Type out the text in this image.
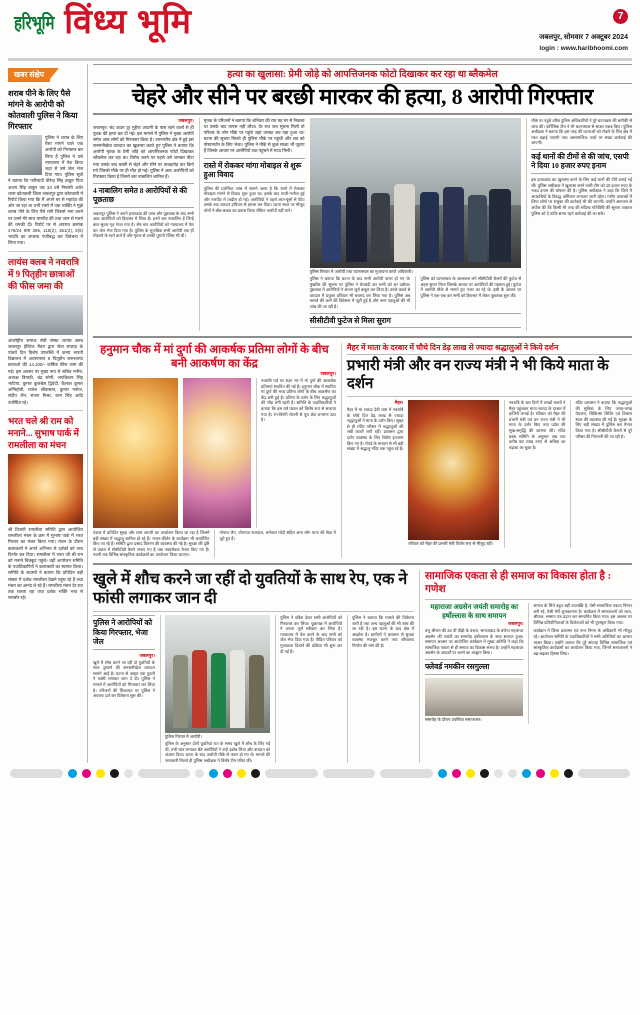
हरिभूमि विंध्य भूमि	7
जबलपुर, सोमवार 7 अक्टूबर 2024
login : www.haribhoomi.com
खबर संक्षेप
शराब पीने के लिए पैसे मांगने के आरोपी को कोतवाली पुलिस ने किया गिरफ्तार
पुलिस ने शराब के लिए पैसा मांगने वाले एक आरोपी को गिरफ्तार कर लिया है पुलिस ने उसे न्यायालय में पेश किया जहां से उसे जेल भेज दिया गया। पुलिस सूत्रों ने बताया कि फरियादी वीरेन्द्र सिंह ठाकुर पिता अजय सिंह ठाकुर उम्र 33 वर्ष निवासी अधेर थाना कोतवाली जिला जबलपुर द्वारा कोतवाली में रिपोर्ट किया गया कि मैं अपने घर से महादेव की ओर जा रहा था तभी रास्ते में एक व्यक्ति ने मुझे शराब पीने के लिए पैसे मांगे जिससे मना करने पर उसने मेरे साथ मारपीट की तथा जान से मारने की धमकी दी। रिपोर्ट पर से अपराध क्रमांक 478/24 धारा 296, 115(2), 351(2), 3(5) भादवि का अपराध पंजीबद्ध कर विवेचना में लिया गया।
लायंस क्लब ने नवरात्रि में 9 पितृहीन छात्राओं की फीस जमा की
अंतर्राष्ट्रीय समाज सेवी संस्था लायंस क्लब जबलपुर हेरिटेज मैडम द्वारा सेवा सप्ताह के पांचवें दिन विशेष उपलब्धि में कन्या भारती विद्यालय में अध्ययनरत 9 पितृहीन जरूरतमंद छात्राओं की 14,100/- वार्षिक फीस जमा की गई। इस अवसर पर मुख्य रूप से सचिव मनीष, अध्यक्ष त्रिपाठी, चंद्र सोनी, जयकिशन सिंह भाटिया, कुमार कुलश्रेष्ठ द्विवेदी, कैलाश कुमार अग्निहोत्री, राजेश श्रीवास्तव, कुमार मनोज, संदीप जैन, संजय मिश्रा, रतन सिंह आदि उपस्थित रहे।
भरत चले श्री राम को मनाने... सुभाष पार्क में रामलीला का मंचन
श्री विजयी रामलीला समिति द्वारा आयोजित रामलीला मंचन के क्रम में सुभाष पार्क में भरत मिलाप का मंचन किया गया। मंचन के दौरान कलाकारों ने अपने अभिनय से दर्शकों को भाव विभोर कर दिया। रामलीला में भरत जी श्री राम को मनाने चित्रकूट पहुंचे। वहीं आयोजन समिति के पदाधिकारियों ने कलाकारों का स्वागत किया। समिति के सदस्यों ने बताया कि प्रतिदिन बड़ी संख्या में दर्शक रामलीला देखने पहुंच रहे हैं तथा मंचन का आनंद ले रहे हैं। रामलीला मंचन देर रात तक चलता रहा तथा दर्शक भक्ति भाव से सराबोर रहे।
हत्या का खुलासा: प्रेमी जोड़े को आपत्तिजनक फोटो दिखाकर कर रहा था ब्लैकमेल
चेहरे और सीने पर बरछी मारकर की हत्या, 8 आरोपी गिरफ्तार
जबलपुर।
जबलपुर। चंद कदम दूर मुहैया आदमी के पास रहने वालों से ही युवक की हत्या कर दी गई। इस मामले में पुलिस ने मुख्य आरोपी समेत आठ लोगों को गिरफ्तार किया है। उपनगरीय क्षेत्र में हुई इस सनसनीखेज वारदात का खुलासा करते हुए पुलिस ने बताया कि आरोपी मृतक के प्रेमी जोड़े को आपत्तिजनक फोटो दिखाकर ब्लैकमेल कर रहा था। विरोध करने पर पहले उसे जमकर पीटा गया उसके बाद बरछी से चेहरे और सीने पर ताबड़तोड़ वार किये गये जिससे मौके पर ही मौत हो गई। पुलिस ने आठ आरोपियों को गिरफ्तार किया है जिनमें चार नाबालिग शामिल हैं।
4 नाबालिग समेत 8 आरोपियों से की पूछताछ
जबलपुर पुलिस ने अपने हत्याकांड की जांच और पूछताछ के बाद सभी आठ आरोपियों को हिरासत में लिया है। इनमें चार नाबालिग हैं जिन्हें बाल सुधार गृह भेजा गया है। शेष चार आरोपियों को न्यायालय में पेश कर जेल भेज दिया गया है। पुलिस के मुताबिक सभी आरोपी एक ही मोहल्ले के रहने वाले हैं और मृतक से उनकी पुरानी रंजिश भी थी।
मृतक के परिजनों ने बताया कि शनिवार की रात वह घर से निकला था उसके बाद वापस नहीं लौटा। देर रात जब सूचना मिली तो परिवार के लोग मौके पर पहुंचे जहां उसका शव पड़ा हुआ था। घटना की सूचना मिलते ही पुलिस मौके पर पहुंची और शव को पोस्टमार्टम के लिए भेजा। पुलिस ने मौके से कुछ साक्ष्य भी जुटाए हैं जिनके आधार पर आरोपियों तक पहुंचने में मदद मिली।
रास्ते में रोककर मांगा मोबाइल से शुरू हुआ विवाद
पुलिस की प्रारंभिक जांच में सामने आया है कि रास्ते में रोककर मोबाइल मांगने से विवाद शुरू हुआ था। इसके बाद गाली-गलौज हुई और मारपीट में तब्दील हो गई। आरोपियों ने पहले लात-घूंसों से पीटा उसके बाद धारदार हथियार से हमला कर दिया। घटना स्थल पर मौजूद लोगों ने बीच-बचाव का प्रयास किया लेकिन आरोपी नहीं माने।
पुलिस गिरफ्त में आरोपी तथा घटनास्थल का मुआयना करते अधिकारी।
पुलिस ने बताया कि घटना के बाद सभी आरोपी फरार हो गए थे। मुखबिर की सूचना पर पुलिस ने घेराबंदी कर सभी को धर दबोचा। पूछताछ में आरोपियों ने अपना जुर्म कबूल कर लिया है। उनके कब्जे से वारदात में प्रयुक्त हथियार भी बरामद कर लिया गया है। पुलिस अब मामले की आगे की विवेचना में जुटी हुई है और अन्य पहलुओं की भी जांच की जा रही है।
पुलिस को घटनास्थल के आसपास लगे सीसीटीवी कैमरों की फुटेज से अहम सुराग मिला जिसके आधार पर आरोपियों की पहचान हुई। फुटेज में आरोपी मौके से भागते हुए नजर आ रहे थे। इसी के आधार पर पुलिस ने एक-एक कर सभी को हिरासत में लेकर पूछताछ शुरू की।
सीसीटीवी फुटेज से मिला सुराग
मौके पर पहुंचे वरिष्ठ पुलिस अधिकारियों ने पूरे घटनाक्रम की बारीकी से जांच की। फॉरेंसिक टीम ने भी घटनास्थल से साक्ष्य एकत्र किए। पुलिस अधीक्षक ने बताया कि इस तरह की घटनाओं को रोकने के लिए क्षेत्र में गश्त बढ़ाई जाएगी तथा असामाजिक तत्वों पर सख्त कार्रवाई की जाएगी।
कई थानों की टीमों से की जांच, एसपी ने दिया 10 हजार रुपए इनाम
इस हत्याकांड का खुलासा करने के लिए कई थानों की टीमें बनाई गईं थीं। पुलिस अधीक्षक ने खुलासा करने वाली टीम को 10 हजार रुपए के नकद इनाम की घोषणा की है। पुलिस अधीक्षक ने कहा कि जिले में अपराधियों के विरुद्ध अभियान लगातार जारी रहेगा। गंभीर अपराधों में लिप्त लोगों पर रासुका की कार्रवाई भी की जाएगी। उन्होंने आमजन से अपील की कि किसी भी तरह की संदिग्ध गतिविधि की सूचना तत्काल पुलिस को दें ताकि समय रहते कार्रवाई की जा सके।
हनुमान चौक में मां दुर्गा की आकर्षक प्रतिमा लोगों के बीच बनी आकर्षण का केंद्र
जबलपुर।
नवरात्रि पर्व पर शहर भर में मां दुर्गा की आकर्षक प्रतिमाएं स्थापित की गई हैं। हनुमान चौक में स्थापित मां दुर्गा की भव्य प्रतिमा लोगों के बीच आकर्षण का केंद्र बनी हुई है। प्रतिमा के दर्शन के लिए श्रद्धालुओं की भीड़ लगी रहती है। समिति के पदाधिकारियों ने बताया कि इस वर्ष पंडाल को विशेष रूप से सजाया गया है। रंग-बिरंगी रोशनी से पूरा क्षेत्र जगमगा उठा है।
पंडाल में प्रतिदिन सुबह और शाम आरती का आयोजन किया जा रहा है जिसमें बड़ी संख्या में श्रद्धालु शामिल हो रहे हैं। भजन-कीर्तन के कार्यक्रम भी आयोजित किए जा रहे हैं। समिति द्वारा प्रसाद वितरण की व्यवस्था की गई है। सुरक्षा की दृष्टि से पंडाल में सीसीटीवी कैमरे लगाए गए हैं तथा स्वयंसेवक तैनात किए गए हैं। नवमी तक विभिन्न सांस्कृतिक कार्यक्रमों का आयोजन किया जाएगा।
गोपाल जैन, योगराज राजपाल, धर्मपाल मोदी सहित अन्य लोग माता की सेवा में जुटे हुए हैं।
मैहर में माता के दरबार में चौथे दिन डेढ़ लाख से ज्यादा श्रद्धालुओं ने किये दर्शन
प्रभारी मंत्री और वन राज्य मंत्री ने भी किये माता के दर्शन
मैहर।
मैहर में मां शारदा देवी धाम में नवरात्रि के चौथे दिन डेढ़ लाख से ज्यादा श्रद्धालुओं ने माता के दर्शन किए। सुबह से ही मंदिर परिसर में श्रद्धालुओं की लंबी कतारें लगी रहीं। प्रशासन द्वारा दर्शन व्यवस्था के लिए विशेष इंतजाम किए गए हैं। रोपवे के माध्यम से भी बड़ी संख्या में श्रद्धालु मंदिर तक पहुंच रहे हैं।
रविवार को मैहर की प्रभारी मंत्री विशेष रूप से मौजूद रहीं।
नवरात्रि के चार दिनों में लाखों भक्तों ने मैहर पहुंचकर माता शारदा के दरबार में हाजिरी लगाई है। रविवार को मैहर की प्रभारी मंत्री एवं वन राज्य मंत्री ने भी माता के दर्शन किए तथा प्रदेश की सुख-समृद्धि की कामना की। मंदिर प्रबंध समिति के अनुसार अब तक करीब 50 लाख रुपए से अधिक का चढ़ावा आ चुका है।
मंदिर प्रशासन ने बताया कि श्रद्धालुओं की सुविधा के लिए जगह-जगह पेयजल, चिकित्सा शिविर एवं विश्राम स्थल की व्यवस्था की गई है। सुरक्षा के लिए बड़ी संख्या में पुलिस बल तैनात किया गया है। सीसीटीवी कैमरों से पूरे परिसर की निगरानी की जा रही है।
खुले में शौच करने जा रहीं दो युवतियों के साथ रेप, एक ने फांसी लगाकर जान दी
पुलिस ने आरोपियों को किया गिरफ्तार, भेजा जेल
जबलपुर।
खुले में शौच करने जा रहीं दो युवतियों के साथ दुष्कर्म की सनसनीखेज वारदात सामने आई है। घटना से आहत एक युवती ने फांसी लगाकर जान दे दी। पुलिस ने मामले में आरोपियों को गिरफ्तार कर लिया है। परिजनों की शिकायत पर पुलिस ने अपराध दर्ज कर विवेचना शुरू की।
पुलिस गिरफ्त में आरोपी।
पुलिस के अनुसार दोनों युवतियां रात के समय खुले में शौच के लिए गई थीं, तभी घात लगाकर बैठे आरोपियों ने उन्हें दबोच लिया और वारदात को अंजाम दिया। घटना के बाद आरोपी मौके से फरार हो गए थे। मामले की जानकारी मिलते ही पुलिस अधीक्षक ने विशेष टीम गठित की।
पुलिस ने दबिश देकर सभी आरोपियों को गिरफ्तार कर लिया। पूछताछ में आरोपियों ने अपना जुर्म स्वीकार कर लिया है। न्यायालय में पेश करने के बाद सभी को जेल भेज दिया गया है। पीड़ित परिवार को मुआवजा दिलाने की प्रक्रिया भी शुरू कर दी गई है।
पुलिस ने बताया कि मामले की विवेचना जारी है तथा अन्य पहलुओं की भी जांच की जा रही है। इस घटना के बाद क्षेत्र में आक्रोश है। ग्रामीणों ने प्रशासन से सुरक्षा व्यवस्था मजबूत करने तथा शौचालय निर्माण की मांग की है।
सामाजिक एकता से ही समाज का विकास होता है : गणेश
महाराजा अग्रसेन जयंती समारोह का हर्षोल्लास के साथ समापन
जबलपुर।
प्रभु श्रीराम की 34 वीं पीढ़ी के वंशज, समाजवाद के प्रणेता महाराजा अग्रसेन की जयंती का समारोह हर्षोल्लास के साथ समाप्त हुआ। समापन अवसर पर आयोजित कार्यक्रम में मुख्य अतिथि ने कहा कि सामाजिक एकता से ही समाज का विकास संभव है। उन्होंने महाराजा अग्रसेन के आदर्शों पर चलने का आह्वान किया।
फ्लेवर्ड नमकीन रसगुल्ला
समारोह के दौरान उपस्थित समाजजन।
समाज के लिये बहुत बड़ी उपलब्धि है, ऐसी सामाजिक एकता निरंतर बनी रहे, ऐसी मेरी शुभकामना है। कार्यक्रम में समाजजनों को शाल, श्रीफल, सम्मान पत्र प्रदान कर सम्मानित किया गया। इस अवसर पर विभिन्न प्रतियोगिताओं के विजेताओं को भी पुरस्कृत किया गया।
कार्यक्रम में जिला प्रशासन एवं नगर निगम के अधिकारी भी मौजूद रहे। आयोजन समिति के पदाधिकारियों ने सभी अतिथियों का आभार व्यक्त किया। उन्होंने बताया कि पूरे सप्ताह विभिन्न सामाजिक एवं सांस्कृतिक कार्यक्रमों का आयोजन किया गया, जिनमें समाजजनों ने बढ़-चढ़कर हिस्सा लिया।
